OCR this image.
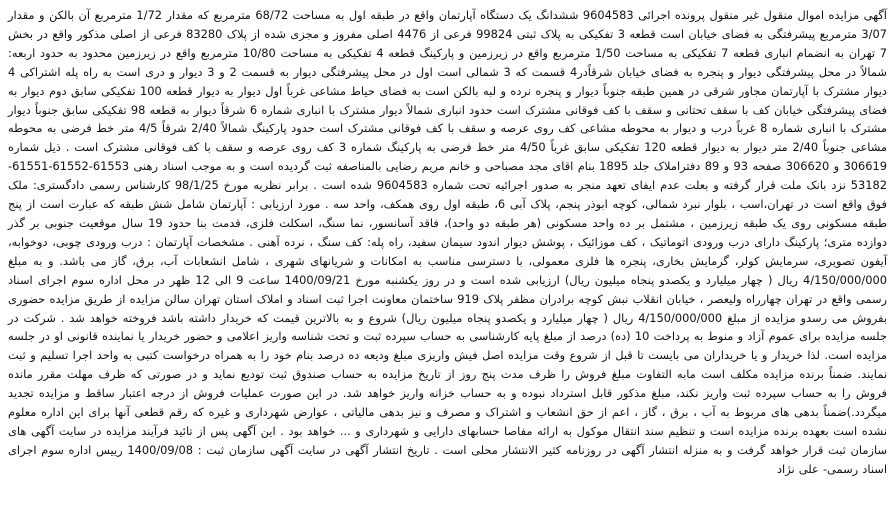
آگهی مزایده اموال منقول غیر منقول پرونده اجرائی 9604583 ششدانگ یک دستگاه آپارتمان واقع در طبقه اول به مساحت 68/72 مترمربع که مقدار 1/72 مترمربع آن بالکن و مقدار 3/07 مترمربع پیشرفتگی به فضای خیابان است قطعه 3 تفکیکی به پلاک ثبتی 99824 فرعی از 4476 اصلی مفروز و مجزی شده از پلاک 83280 فرعی از اصلی مذکور واقع در بخش 7 تهران به انضمام انباری قطعه 7 تفکیکی به مساحت 1/50 مترمربع واقع در زیرزمین و پارکینگ قطعه 4 تفکیکی به مساحت 10/80 مترمربع واقع در زیرزمین محدود به حدود اربعه: شمالاً در محل پیشرفتگی دیوار و پنجره به فضای خیابان شرقاًدر4 قسمت که 3 شمالی است اول در محل پیشرفتگی دیوار به قسمت 2 و 3 دیوار و دری است به راه پله اشتراکی 4 دیوار مشترک با آپارتمان مجاور شرقی در همین طبقه جنوباً دیوار و پنجره نرده و لبه بالکن است به فضای حیاط مشاعی غرباً اول دیوار به دیوار قطعه 100 تفکیکی سابق دوم دیوار به فضای پیشرفتگی خیابان کف با سقف تحتانی و سقف با کف فوقانی مشترک است حدود انباری شمالاً دیوار مشترک با انباری شماره 6 شرقاً دیوار به قطعه 98 تفکیکی سابق جنوباً دیوار مشترک با انباری شماره 8 غرباً درب و دیوار به محوطه مشاعی کف روی عرصه و سقف با کف فوقانی مشترک است حدود پارکینگ شمالاً 2/40 شرقاً 4/5 متر خط فرضی به محوطه مشاعی جنوباً 2/40 متر دیوار به دیوار قطعه 120 تفکیکی سابق غرباً 4/50 متر خط فرضی به پارکینگ شماره 3 کف روی عرصه و سقف با کف فوقانی مشترک است . ذیل شماره 306619 و 306620 صفحه 93 و 89 دفتراملاک جلد 1895 بنام اقای مجد مصباحی و خانم مریم رضایی بالمناصفه ثبت گردیده است و به موجب اسناد رهنی 61553-61552-61551-53182 نزد بانک ملت قرار گرفته و بعلت عدم ایفای تعهد منجر به صدور اجرائیه تحت شماره 9604583 شده است . برابر نظریه مورخ 98/1/25 کارشناس رسمی دادگستری: ملک فوق واقع است در تهران،اسب ، بلوار نبرد شمالی، کوچه ابوذر پنجم، پلاک آبی 6، طبقه اول روی همکف، واحد سه . مورد ارزیابی : آپارتمان شامل شش طبقه که عبارت است از پنج طبقه مسکونی روی یک طبقه زیرزمین ، مشتمل بر ده واحد مسکونی (هر طبقه دو واحد)، فاقد آسانسور، نما سنگ، اسکلت فلزی، قدمت بنا حدود 19 سال موقعیت جنوبی بر گذر دوازده متری؛ پارکینگ دارای درب ورودی اتوماتیک ، کف موزائیک ، پوشش دیوار اندود سیمان سفید، راه پله: کف سنگ ، نرده آهنی . مشخصات آپارتمان : درب ورودی چوبی، دوخوابه، آیفون تصویری، سرمایش کولر، گرمایش بخاری، پنجره ها فلزی معمولی، با دسترسی مناسب به امکانات و شریانهای شهری ، شامل انشعابات آب، برق، گاز می باشد. و به مبلغ 4/150/000/000 ریال ( چهار میلیارد و یکصدو پنجاه میلیون ریال) ارزیابی شده است و در روز یکشنبه مورخ 1400/09/21 ساعت 9 الی 12 ظهر در محل اداره سوم اجرای اسناد رسمی واقع در تهران چهارراه ولیعصر ، خیابان انقلاب نبش کوچه برادران مظفر پلاک 919 ساختمان معاونت اجرا ثبت اسناد و املاک استان تهران سالن مزایده از طریق مزایده حضوری بفروش می رسدو مزایده از مبلغ 4/150/000/000 ریال ( چهار میلیارد و یکصدو پنجاه میلیون ریال) شروع و به بالاترین قیمت که خریدار داشته باشد فروخته خواهد شد . شرکت در جلسه مزایده برای عموم آزاد و منوط به پرداخت 10 (ده) درصد از مبلغ پایه کارشناسی به حساب سپرده ثبت و تحت شناسه واریز اعلامی و حضور خریدار یا نماینده قانونی او در جلسه مزایده است. لذا خریدار و یا خریداران می بایست تا قبل از شروع وقت مزایده اصل فیش واریزی مبلغ ودیعه ده درصد بنام خود را به همراه درخواست کتبی به واحد اجرا تسلیم و ثبت نمایند. ضمناً برنده مزایده مکلف است مابه التفاوت مبلغ فروش را ظرف مدت پنج روز از تاریخ مزایده به حساب صندوق ثبت تودیع نماید و در صورتی که ظرف مهلت مقرر مانده فروش را به حساب سپرده ثبت واریز نکند، مبلغ مذکور قابل استرداد نبوده و به حساب خزانه واریز خواهد شد. در این صورت عملیات فروش از درجه اعتبار ساقط و مزایده تجدید میگردد.)ضمناً بدهی های مربوط به آب ، برق ، گاز ، اعم از حق انشعاب و اشتراک و مصرف و نیز بدهی مالیاتی ، عوارض شهرداری و غیره که رقم قطعی آنها برای این اداره معلوم نشده است بعهده برنده مزایده است و تنظیم سند انتقال موکول به ارائه مفاصا حسابهای دارایی و شهرداری و ... خواهد بود . این آگهی پس از تائید فرآیند مزایده در سایت آگهی های سازمان ثبت قرار خواهد گرفت و به منزله انتشار آگهی در روزنامه کثیر الانتشار محلی است . تاریخ انتشار آگهی در سایت آگهی سازمان ثبت : 1400/09/08 رییس اداره سوم اجرای اسناد رسمی- علی نژاد
